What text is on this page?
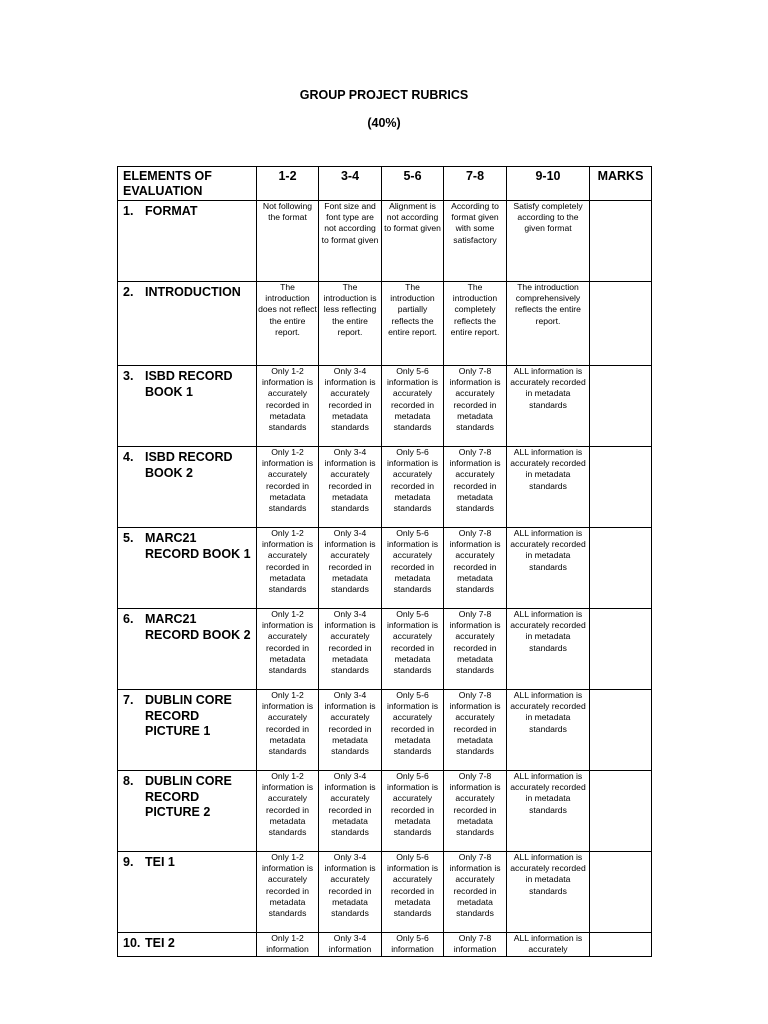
GROUP PROJECT RUBRICS
(40%)
ELEMENTS OF EVALUATION	1-2	3-4	5-6	7-8	9-10	MARKS

1. FORMAT	Not following the format	Font size and font type are not according to format given	Alignment is not according to format given	According to format given with some satisfactory	Satisfy completely according to the given format	

2. INTRODUCTION	The introduction does not reflect the entire report.	The introduction is less reflecting the entire report.	The introduction partially reflects the entire report.	The introduction completely reflects the entire report.	The introduction comprehensively reflects the entire report.	

3. ISBD RECORD BOOK 1	Only 1-2 information is accurately recorded in metadata standards	Only 3-4 information is accurately recorded in metadata standards	Only 5-6 information is accurately recorded in metadata standards	Only 7-8 information is accurately recorded in metadata standards	ALL information is accurately recorded in metadata standards	

4. ISBD RECORD BOOK 2	Only 1-2 information is accurately recorded in metadata standards	Only 3-4 information is accurately recorded in metadata standards	Only 5-6 information is accurately recorded in metadata standards	Only 7-8 information is accurately recorded in metadata standards	ALL information is accurately recorded in metadata standards	

5. MARC21 RECORD BOOK 1	Only 1-2 information is accurately recorded in metadata standards	Only 3-4 information is accurately recorded in metadata standards	Only 5-6 information is accurately recorded in metadata standards	Only 7-8 information is accurately recorded in metadata standards	ALL information is accurately recorded in metadata standards	

6. MARC21 RECORD BOOK 2	Only 1-2 information is accurately recorded in metadata standards	Only 3-4 information is accurately recorded in metadata standards	Only 5-6 information is accurately recorded in metadata standards	Only 7-8 information is accurately recorded in metadata standards	ALL information is accurately recorded in metadata standards	

7. DUBLIN CORE RECORD PICTURE 1	Only 1-2 information is accurately recorded in metadata standards	Only 3-4 information is accurately recorded in metadata standards	Only 5-6 information is accurately recorded in metadata standards	Only 7-8 information is accurately recorded in metadata standards	ALL information is accurately recorded in metadata standards	

8. DUBLIN CORE RECORD PICTURE 2	Only 1-2 information is accurately recorded in metadata standards	Only 3-4 information is accurately recorded in metadata standards	Only 5-6 information is accurately recorded in metadata standards	Only 7-8 information is accurately recorded in metadata standards	ALL information is accurately recorded in metadata standards	

9. TEI 1	Only 1-2 information is accurately recorded in metadata standards	Only 3-4 information is accurately recorded in metadata standards	Only 5-6 information is accurately recorded in metadata standards	Only 7-8 information is accurately recorded in metadata standards	ALL information is accurately recorded in metadata standards	

10. TEI 2	Only 1-2 information	Only 3-4 information	Only 5-6 information	Only 7-8 information	ALL information is accurately	
